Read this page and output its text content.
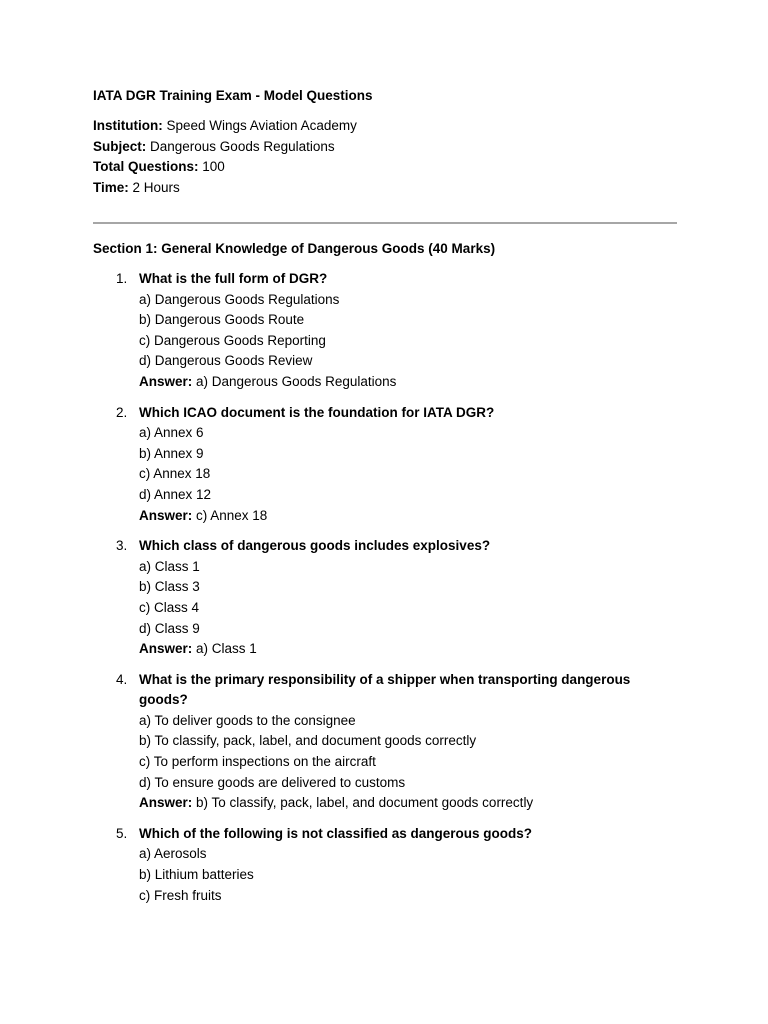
IATA DGR Training Exam - Model Questions
Institution: Speed Wings Aviation Academy
Subject: Dangerous Goods Regulations
Total Questions: 100
Time: 2 Hours
Section 1: General Knowledge of Dangerous Goods (40 Marks)
1. What is the full form of DGR?
a) Dangerous Goods Regulations
b) Dangerous Goods Route
c) Dangerous Goods Reporting
d) Dangerous Goods Review
Answer: a) Dangerous Goods Regulations
2. Which ICAO document is the foundation for IATA DGR?
a) Annex 6
b) Annex 9
c) Annex 18
d) Annex 12
Answer: c) Annex 18
3. Which class of dangerous goods includes explosives?
a) Class 1
b) Class 3
c) Class 4
d) Class 9
Answer: a) Class 1
4. What is the primary responsibility of a shipper when transporting dangerous goods?
a) To deliver goods to the consignee
b) To classify, pack, label, and document goods correctly
c) To perform inspections on the aircraft
d) To ensure goods are delivered to customs
Answer: b) To classify, pack, label, and document goods correctly
5. Which of the following is not classified as dangerous goods?
a) Aerosols
b) Lithium batteries
c) Fresh fruits
